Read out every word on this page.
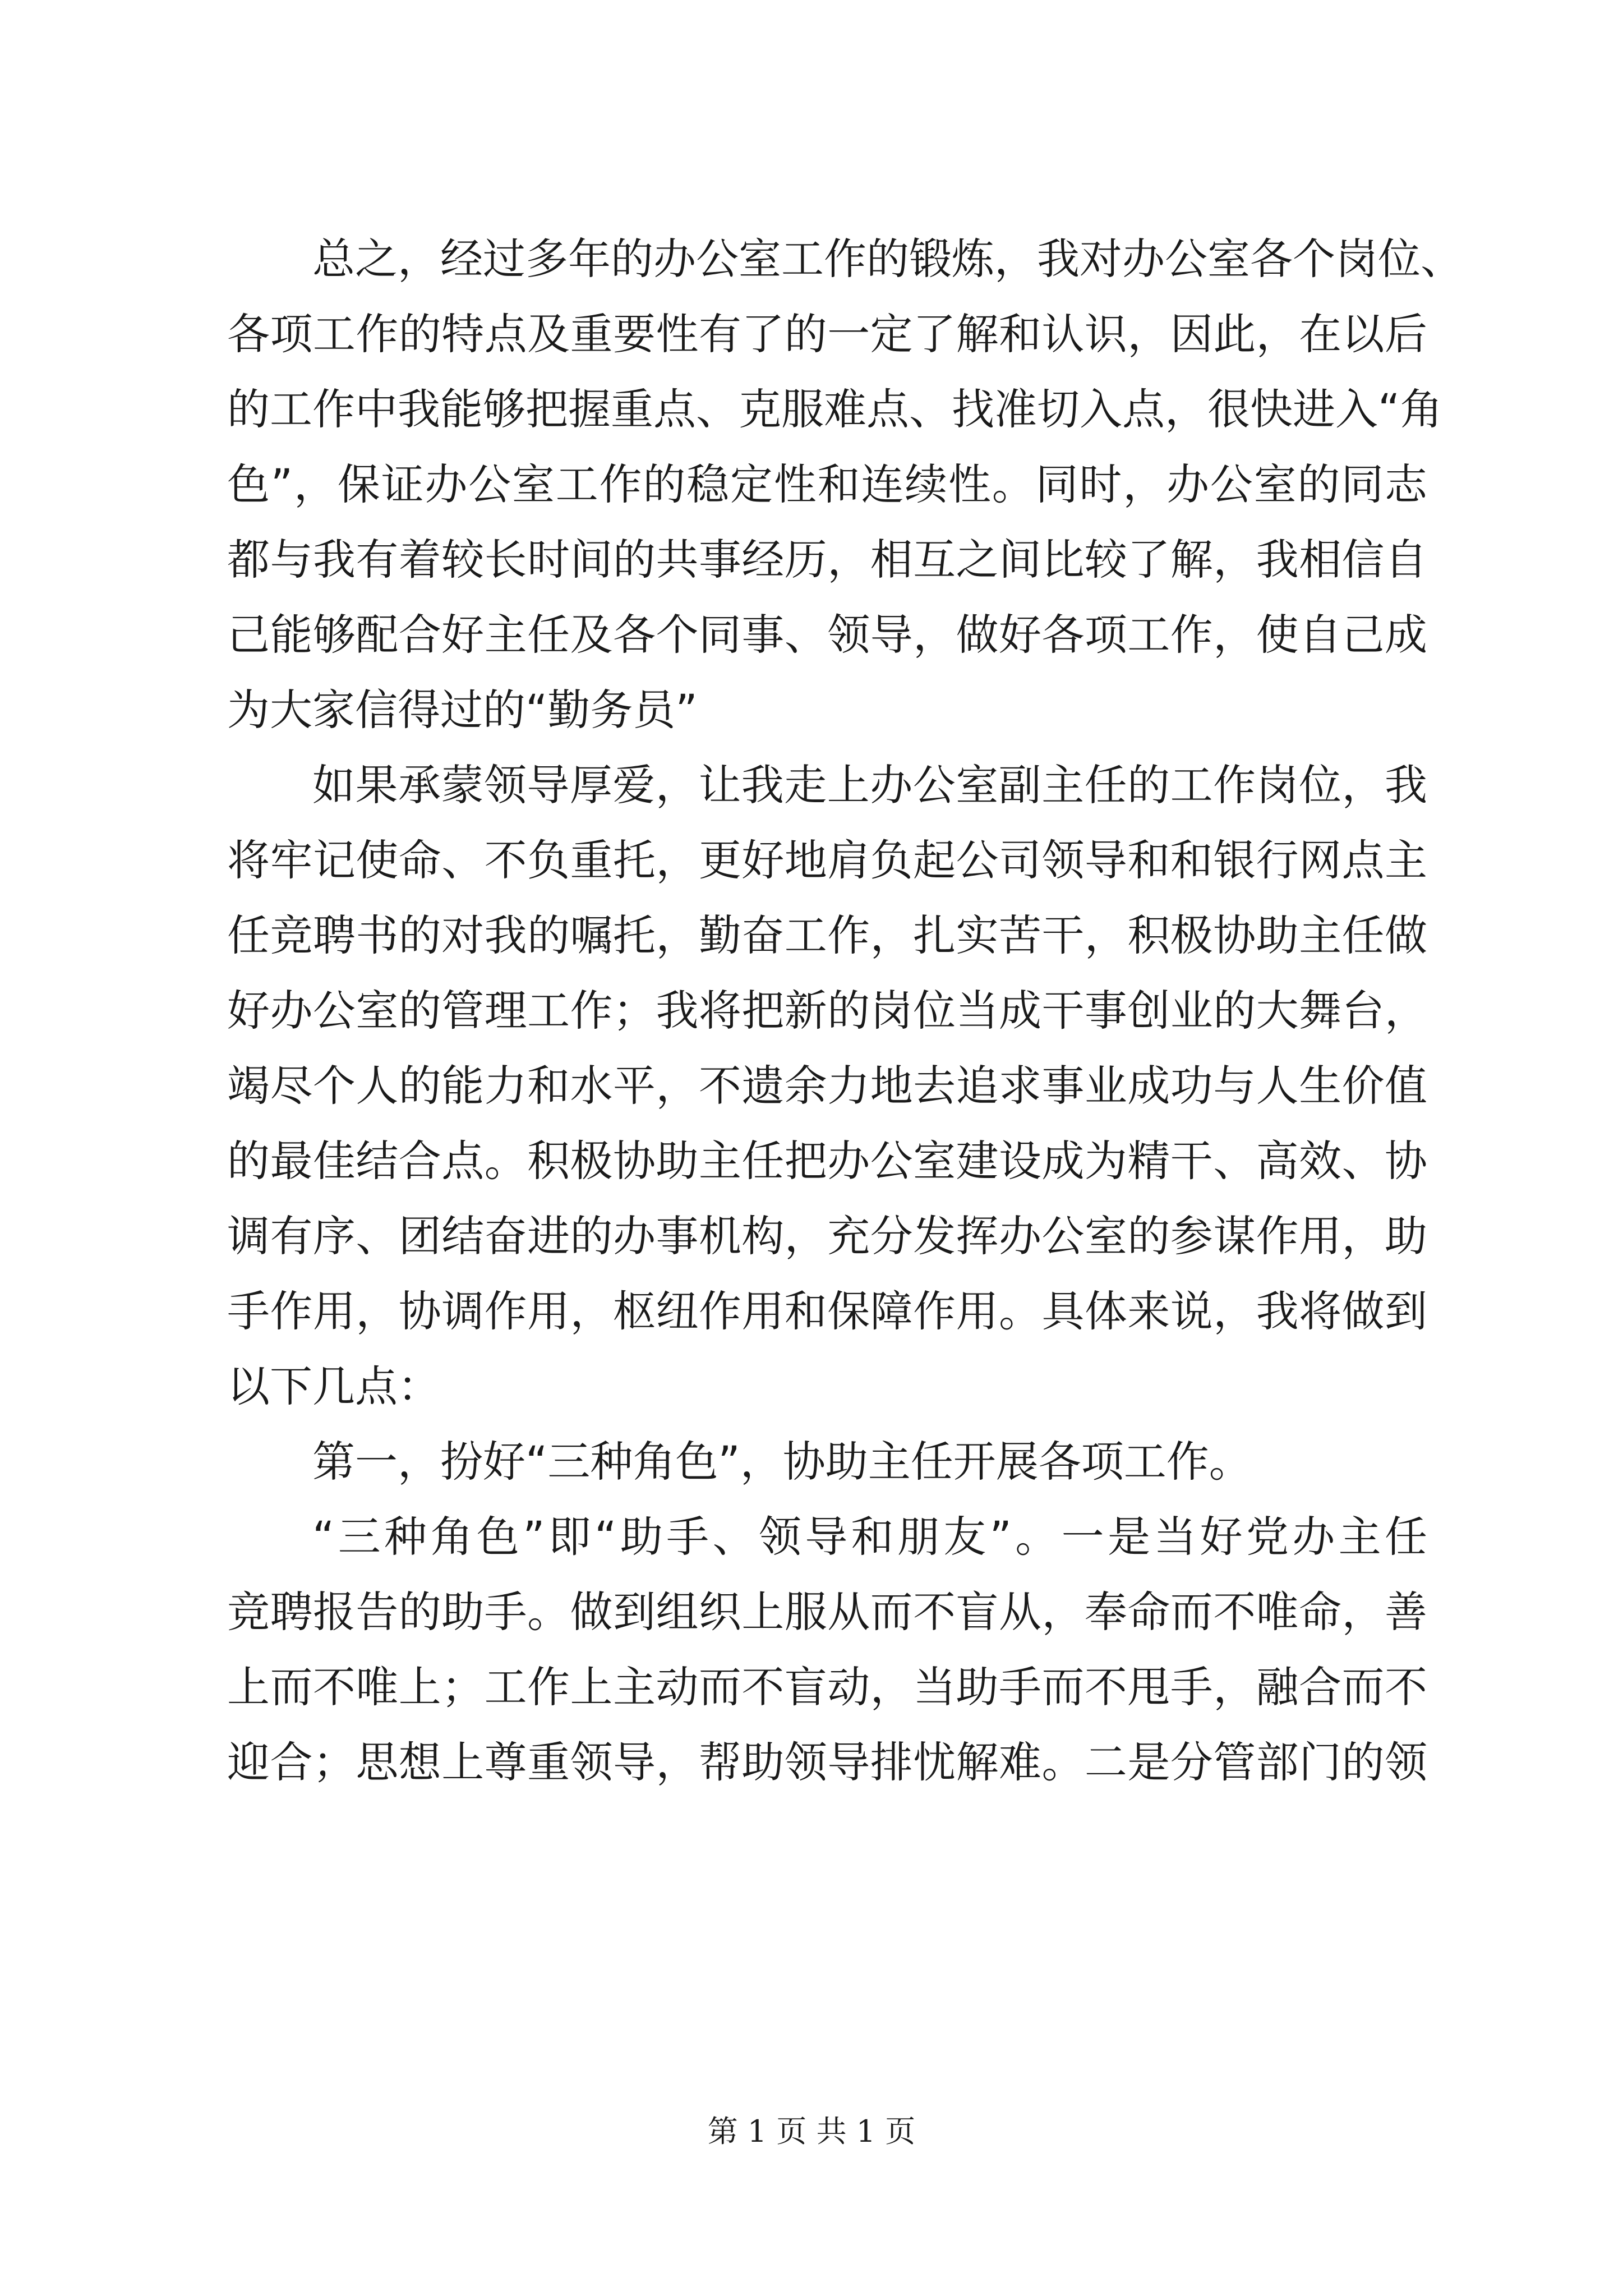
总之，经过多年的办公室工作的锻炼，我对办公室各个岗位、
各项工作的特点及重要性有了的一定了解和认识，因此，在以后
的工作中我能够把握重点、克服难点、找准切入点，很快进入“角
色”，保证办公室工作的稳定性和连续性。同时，办公室的同志
都与我有着较长时间的共事经历，相互之间比较了解，我相信自
己能够配合好主任及各个同事、领导，做好各项工作，使自己成
为大家信得过的“勤务员”
如果承蒙领导厚爱，让我走上办公室副主任的工作岗位，我
将牢记使命、不负重托，更好地肩负起公司领导和和银行网点主
任竞聘书的对我的嘱托，勤奋工作，扎实苦干，积极协助主任做
好办公室的管理工作；我将把新的岗位当成干事创业的大舞台，
竭尽个人的能力和水平，不遗余力地去追求事业成功与人生价值
的最佳结合点。积极协助主任把办公室建设成为精干、高效、协
调有序、团结奋进的办事机构，充分发挥办公室的参谋作用，助
手作用，协调作用，枢纽作用和保障作用。具体来说，我将做到
以下几点：
第一，扮好“三种角色”，协助主任开展各项工作。
“三种角色”即“助手、领导和朋友”。一是当好党办主任
竞聘报告的助手。做到组织上服从而不盲从，奉命而不唯命，善
上而不唯上；工作上主动而不盲动，当助手而不甩手，融合而不
迎合；思想上尊重领导，帮助领导排忧解难。二是分管部门的领
第 1 页 共 1 页
